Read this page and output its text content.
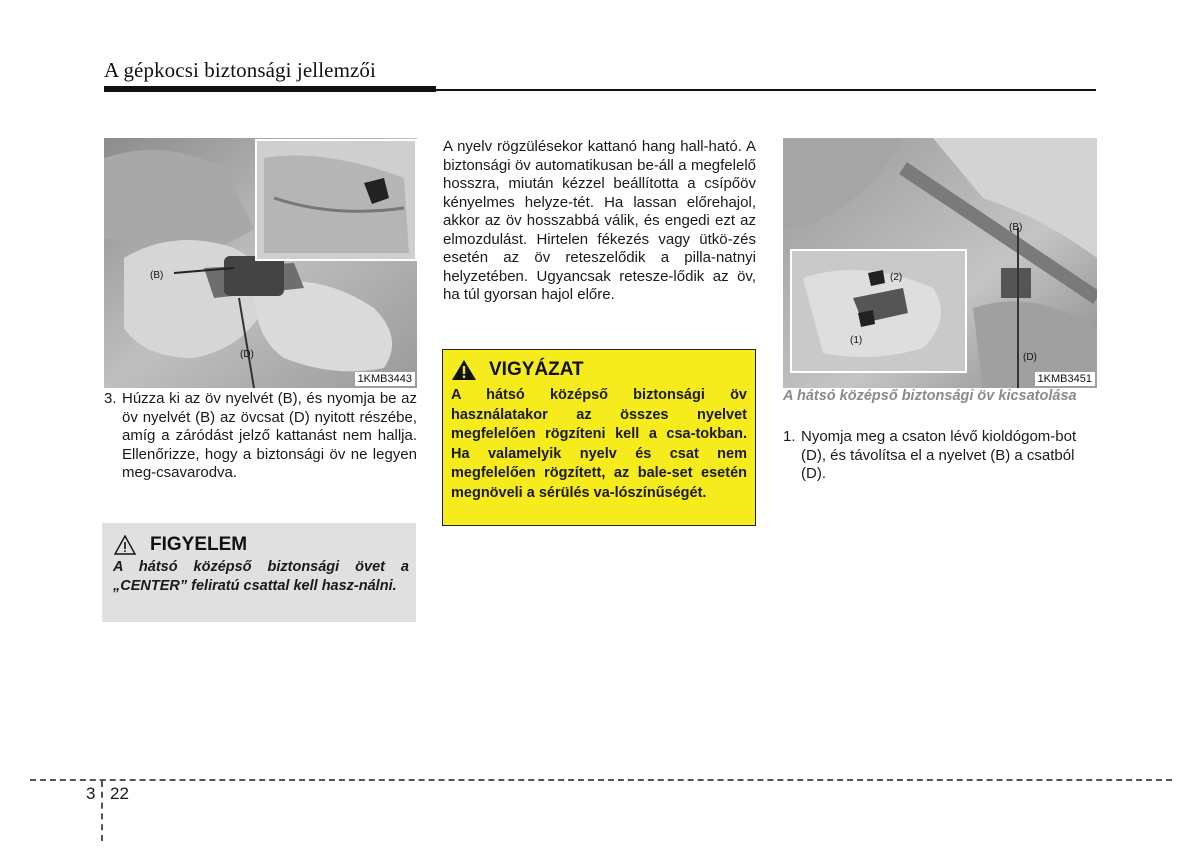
A gépkocsi biztonsági jellemzői
(B)
(D)
1KMB3443
3. Húzza ki az öv nyelvét (B), és nyomja be az öv nyelvét (B) az övcsat (D) nyitott részébe, amíg a záródást jelző kattanást nem hallja. Ellenőrizze, hogy a biztonsági öv ne legyen meg-csavarodva.

FIGYELEM
A hátsó középső biztonsági övet a „CENTER” feliratú csattal kell hasz-nálni.

A nyelv rögzülésekor kattanó hang hall-ható. A biztonsági öv automatikusan be-áll a megfelelő hosszra, miután kézzel beállította a csípőöv kényelmes helyze-tét. Ha lassan előrehajol, akkor az öv hosszabbá válik, és engedi ezt az elmozdulást. Hirtelen fékezés vagy ütkö-zés esetén az öv reteszelődik a pilla-natnyi helyzetében. Ugyancsak retesze-lődik az öv, ha túl gyorsan hajol előre.

VIGYÁZAT
A hátsó középső biztonsági öv használatakor az összes nyelvet megfelelően rögzíteni kell a csa-tokban. Ha valamelyik nyelv és csat nem megfelelően rögzített, az bale-set esetén megnöveli a sérülés va-lószínűségét.
(B)
(2)
(1)
(D)
1KMB3451
A hátsó középső biztonsági öv kicsatolása
1. Nyomja meg a csaton lévő kioldógom-bot (D), és távolítsa el a nyelvet (B) a csatból (D).

3 22
